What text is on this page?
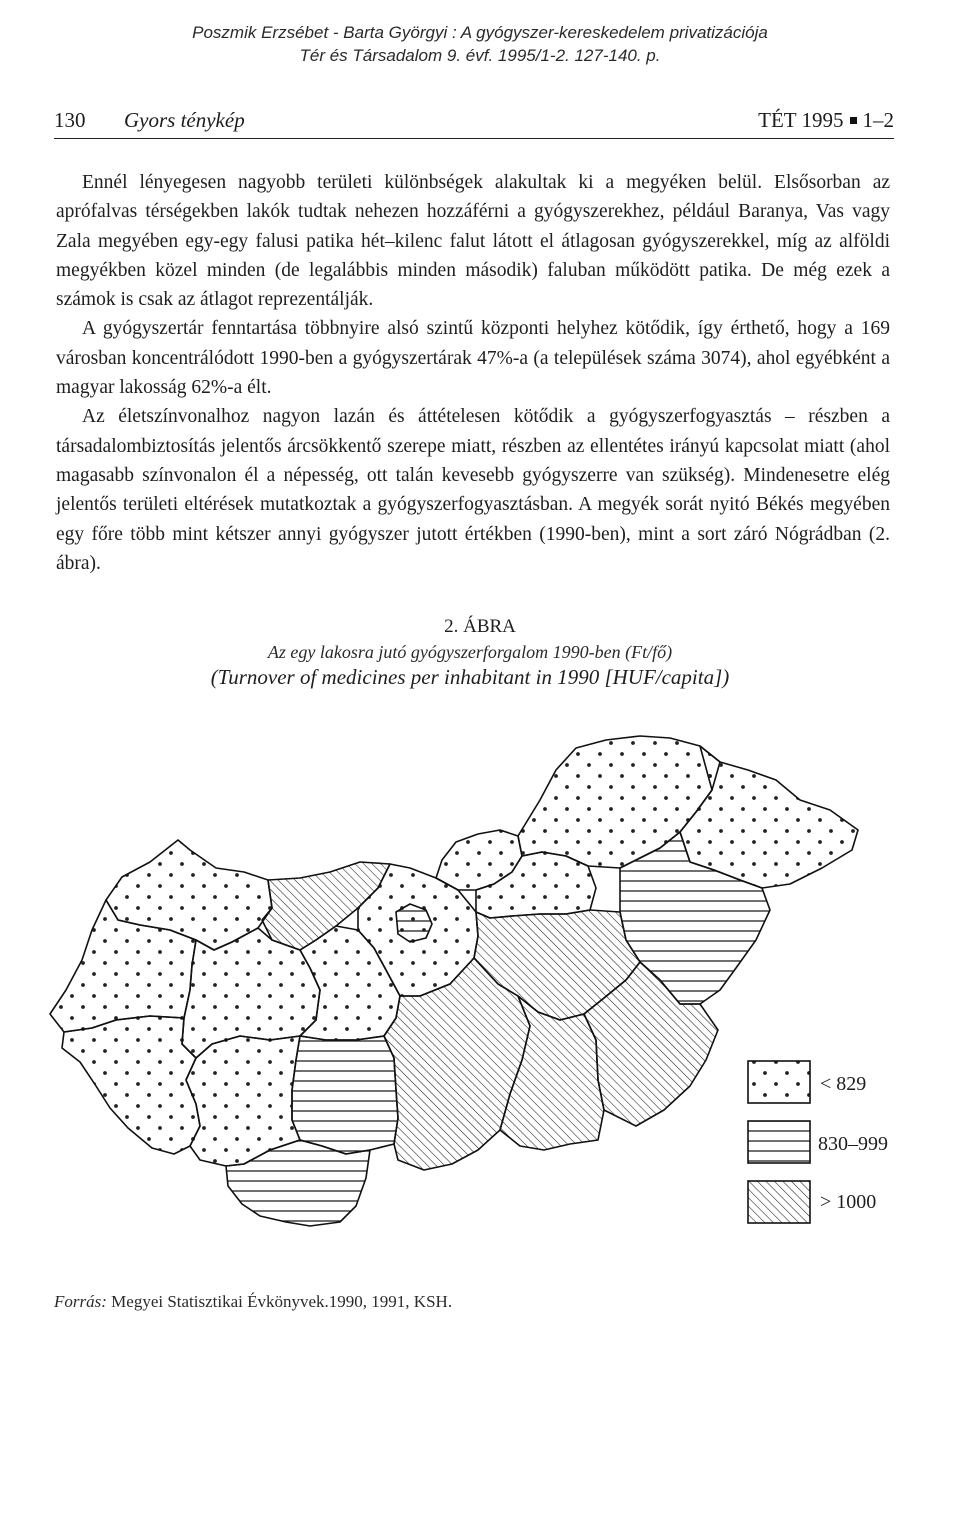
Poszmik Erzsébet - Barta Györgyi : A gyógyszer-kereskedelem privatizációja
Tér és Társadalom 9. évf. 1995/1-2. 127-140. p.
130 Gyors ténykép	TÉT 1995 1–2

Ennél lényegesen nagyobb területi különbségek alakultak ki a megyéken belül. Elsősorban az aprófalvas térségekben lakók tudtak nehezen hozzáférni a gyógyszerekhez, például Baranya, Vas vagy Zala megyében egy-egy falusi patika hét–kilenc falut látott el átlagosan gyógyszerekkel, míg az alföldi megyékben közel minden (de legalábbis minden második) faluban működött patika. De még ezek a számok is csak az átlagot reprezentálják.

A gyógyszertár fenntartása többnyire alsó szintű központi helyhez kötődik, így érthető, hogy a 169 városban koncentrálódott 1990-ben a gyógyszertárak 47%-a (a települések száma 3074), ahol egyébként a magyar lakosság 62%-a élt.

Az életszínvonalhoz nagyon lazán és áttételesen kötődik a gyógyszerfogyasztás – részben a társadalombiztosítás jelentős árcsökkentő szerepe miatt, részben az ellentétes irányú kapcsolat miatt (ahol magasabb színvonalon él a népesség, ott talán kevesebb gyógyszerre van szükség). Mindenesetre elég jelentős területi eltérések mutatkoztak a gyógyszerfogyasztásban. A megyék sorát nyitó Békés megyében egy főre több mint kétszer annyi gyógyszer jutott értékben (1990-ben), mint a sort záró Nógrádban (2. ábra).

2. ÁBRA
Az egy lakosra jutó gyógyszerforgalom 1990-ben (Ft/fő)
(Turnover of medicines per inhabitant in 1990 [HUF/capita])
< 829
830–999
> 1000
Forrás: Megyei Statisztikai Évkönyvek.1990, 1991, KSH.
